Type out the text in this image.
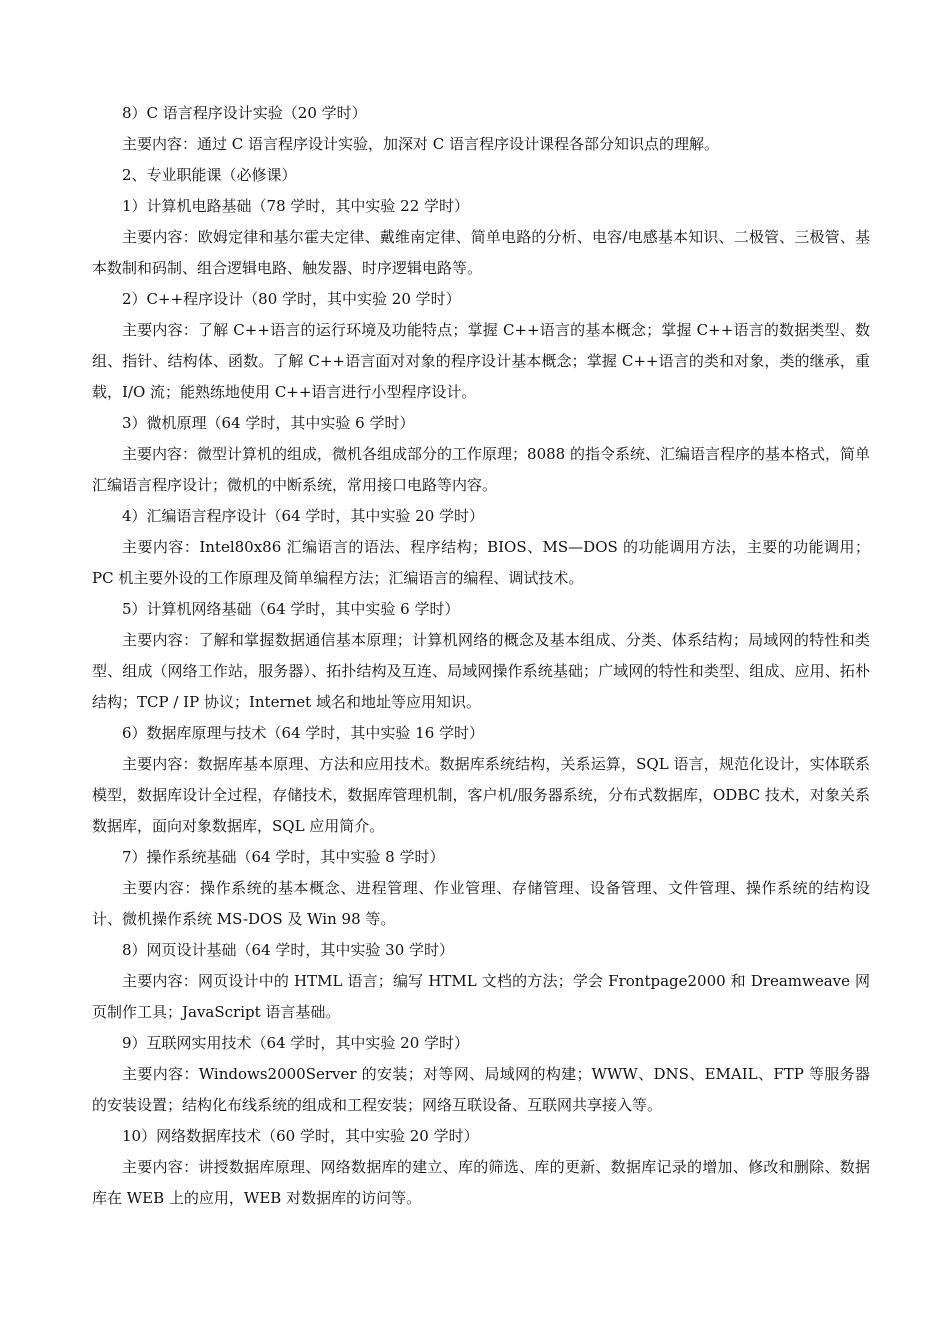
8）C 语言程序设计实验（20 学时）

主要内容：通过 C 语言程序设计实验，加深对 C 语言程序设计课程各部分知识点的理解。

2、专业职能课（必修课）

1）计算机电路基础（78 学时，其中实验 22 学时）

主要内容：欧姆定律和基尔霍夫定律、戴维南定律、简单电路的分析、电容/电感基本知识、二极管、三极管、基本数制和码制、组合逻辑电路、触发器、时序逻辑电路等。

2）C++程序设计（80 学时，其中实验 20 学时）

主要内容：了解 C++语言的运行环境及功能特点；掌握 C++语言的基本概念；掌握 C++语言的数据类型、数组、指针、结构体、函数。了解 C++语言面对对象的程序设计基本概念；掌握 C++语言的类和对象，类的继承，重载，I/O 流；能熟练地使用 C++语言进行小型程序设计。

3）微机原理（64 学时，其中实验 6 学时）

主要内容：微型计算机的组成，微机各组成部分的工作原理；8088 的指令系统、汇编语言程序的基本格式，简单汇编语言程序设计；微机的中断系统，常用接口电路等内容。

4）汇编语言程序设计（64 学时，其中实验 20 学时）

主要内容：Intel80x86 汇编语言的语法、程序结构；BIOS、MS—DOS 的功能调用方法，主要的功能调用；PC 机主要外设的工作原理及简单编程方法；汇编语言的编程、调试技术。

5）计算机网络基础（64 学时，其中实验 6 学时）

主要内容：了解和掌握数据通信基本原理；计算机网络的概念及基本组成、分类、体系结构；局域网的特性和类型、组成（网络工作站，服务器）、拓扑结构及互连、局域网操作系统基础；广域网的特性和类型、组成、应用、拓朴结构；TCP / IP 协议；Internet 域名和地址等应用知识。

6）数据库原理与技术（64 学时，其中实验 16 学时）

主要内容：数据库基本原理、方法和应用技术。数据库系统结构，关系运算，SQL 语言，规范化设计，实体联系模型，数据库设计全过程，存储技术，数据库管理机制，客户机/服务器系统，分布式数据库，ODBC 技术，对象关系数据库，面向对象数据库，SQL 应用简介。

7）操作系统基础（64 学时，其中实验 8 学时）

主要内容：操作系统的基本概念、进程管理、作业管理、存储管理、设备管理、文件管理、操作系统的结构设计、微机操作系统 MS-DOS 及 Win 98 等。

8）网页设计基础（64 学时，其中实验 30 学时）

主要内容：网页设计中的 HTML 语言；编写 HTML 文档的方法；学会 Frontpage2000 和 Dreamweave 网页制作工具；JavaScript 语言基础。

9）互联网实用技术（64 学时，其中实验 20 学时）

主要内容：Windows2000Server 的安装；对等网、局域网的构建；WWW、DNS、EMAIL、FTP 等服务器的安装设置；结构化布线系统的组成和工程安装；网络互联设备、互联网共享接入等。

10）网络数据库技术（60 学时，其中实验 20 学时）

主要内容：讲授数据库原理、网络数据库的建立、库的筛选、库的更新、数据库记录的增加、修改和删除、数据库在 WEB 上的应用，WEB 对数据库的访问等。
